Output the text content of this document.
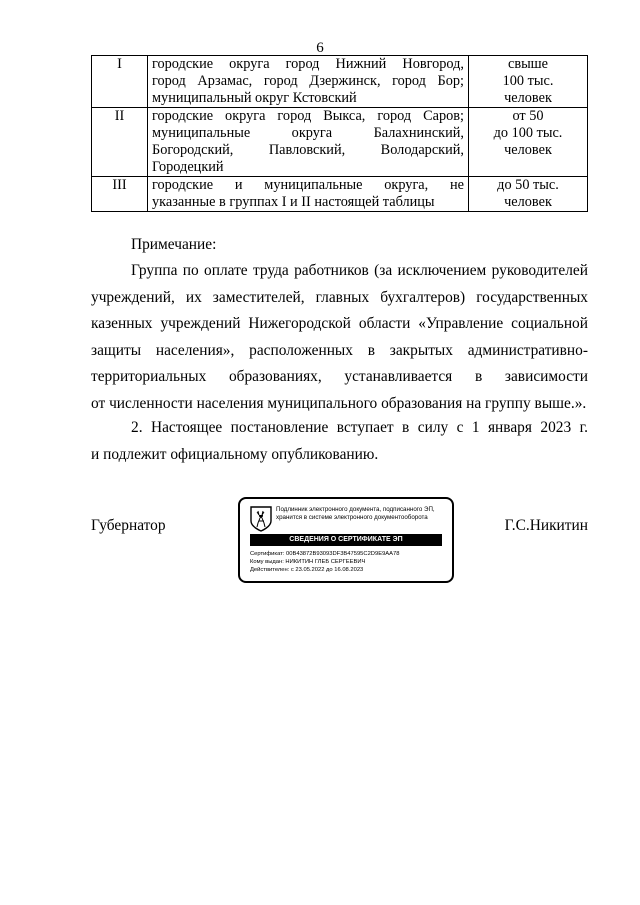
6
I	городские округа город Нижний Новгород,
город Арзамас, город Дзержинск, город Бор;
муниципальный округ Кстовский	свыше
100 тыс.
человек

II	городские округа город Выкса, город Саров;
муниципальные округа Балахнинский,
Богородский, Павловский, Володарский,
Городецкий	от 50
до 100 тыс.
человек

III	городские и муниципальные округа, не
указанные в группах I и II настоящей таблицы	до 50 тыс.
человек

Примечание:

Группа по оплате труда работников (за исключением руководителей
учреждений, их заместителей, главных бухгалтеров) государственных
казенных учреждений Нижегородской области «Управление социальной
защиты населения», расположенных в закрытых административно-
территориальных образованиях, устанавливается в зависимости
от численности населения муниципального образования на группу выше.».

2. Настоящее постановление вступает в силу с 1 января 2023 г.
и подлежит официальному опубликованию.

Губернатор
Подлинник электронного документа, подписанного ЭП,
хранится в системе электронного документооборота
СВЕДЕНИЯ О СЕРТИФИКАТЕ ЭП
Сертификат: 00B43872B93093DF3B47595C2D9E9AA78
Кому выдан: НИКИТИН ГЛЕБ СЕРГЕЕВИЧ
Действителен: с 23.05.2022 до 16.08.2023
Г.С.Никитин
